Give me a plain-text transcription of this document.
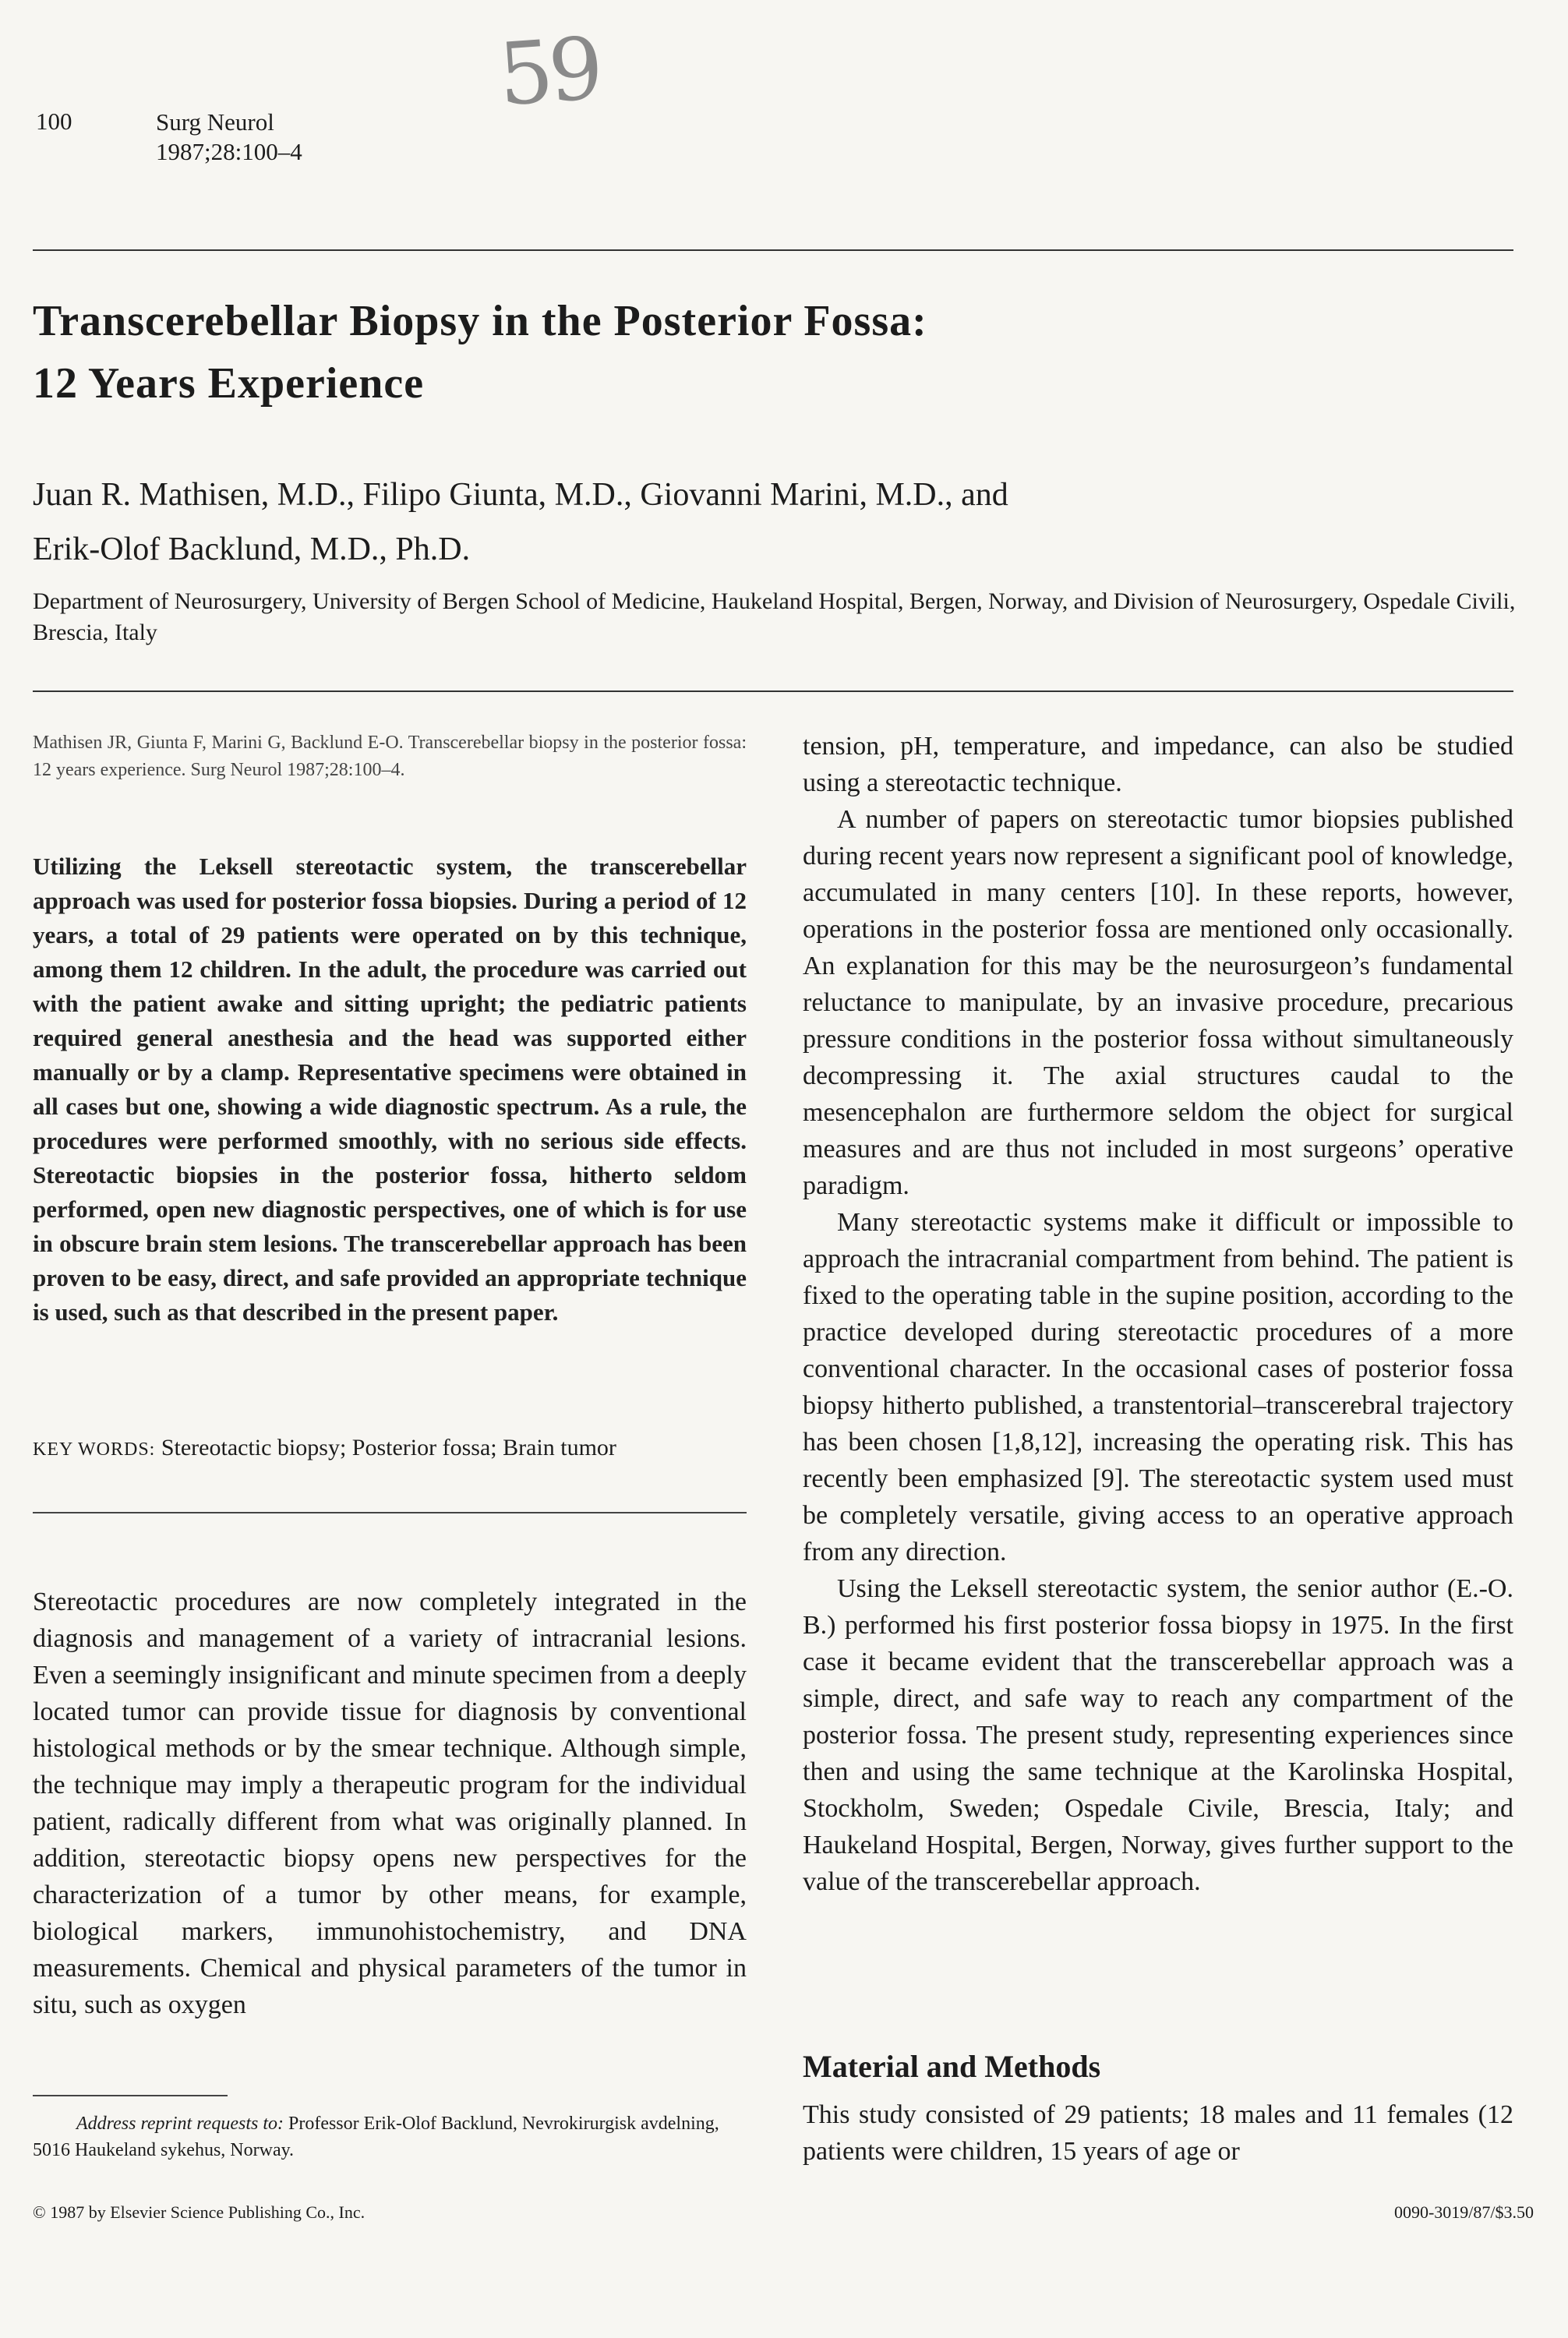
59
100	Surg Neurol
1987;28:100–4
Transcerebellar Biopsy in the Posterior Fossa:
12 Years Experience
Juan R. Mathisen, M.D., Filipo Giunta, M.D., Giovanni Marini, M.D., and
Erik-Olof Backlund, M.D., Ph.D.
Department of Neurosurgery, University of Bergen School of Medicine, Haukeland Hospital, Bergen, Norway, and Division of Neurosurgery, Ospedale Civili, Brescia, Italy
Mathisen JR, Giunta F, Marini G, Backlund E-O. Transcerebellar biopsy in the posterior fossa: 12 years experience. Surg Neurol 1987;28:100–4.
Utilizing the Leksell stereotactic system, the transcerebellar approach was used for posterior fossa biopsies. During a period of 12 years, a total of 29 patients were operated on by this technique, among them 12 children. In the adult, the procedure was carried out with the patient awake and sitting upright; the pediatric patients required general anesthesia and the head was supported either manually or by a clamp. Representative specimens were obtained in all cases but one, showing a wide diagnostic spectrum. As a rule, the procedures were performed smoothly, with no serious side effects. Stereotactic biopsies in the posterior fossa, hitherto seldom performed, open new diagnostic perspectives, one of which is for use in obscure brain stem lesions. The transcerebellar approach has been proven to be easy, direct, and safe provided an appropriate technique is used, such as that described in the present paper.
KEY WORDS: Stereotactic biopsy; Posterior fossa; Brain tumor

Stereotactic procedures are now completely integrated in the diagnosis and management of a variety of intracranial lesions. Even a seemingly insignificant and minute specimen from a deeply located tumor can provide tissue for diagnosis by conventional histological methods or by the smear technique. Although simple, the technique may imply a therapeutic program for the individual patient, radically different from what was originally planned. In addition, stereotactic biopsy opens new perspectives for the characterization of a tumor by other means, for example, biological markers, immunohistochemistry, and DNA measurements. Chemical and physical parameters of the tumor in situ, such as oxygen

Address reprint requests to: Professor Erik-Olof Backlund, Nevrokirurgisk avdelning, 5016 Haukeland sykehus, Norway.
© 1987 by Elsevier Science Publishing Co., Inc.	0090-3019/87/$3.50

tension, pH, temperature, and impedance, can also be studied using a stereotactic technique.

A number of papers on stereotactic tumor biopsies published during recent years now represent a significant pool of knowledge, accumulated in many centers [10]. In these reports, however, operations in the posterior fossa are mentioned only occasionally. An explanation for this may be the neurosurgeon’s fundamental reluctance to manipulate, by an invasive procedure, precarious pressure conditions in the posterior fossa without simultaneously decompressing it. The axial structures caudal to the mesencephalon are furthermore seldom the object for surgical measures and are thus not included in most surgeons’ operative paradigm.

Many stereotactic systems make it difficult or impossible to approach the intracranial compartment from behind. The patient is fixed to the operating table in the supine position, according to the practice developed during stereotactic procedures of a more conventional character. In the occasional cases of posterior fossa biopsy hitherto published, a transtentorial–transcerebral trajectory has been chosen [1,8,12], increasing the operating risk. This has recently been emphasized [9]. The stereotactic system used must be completely versatile, giving access to an operative approach from any direction.

Using the Leksell stereotactic system, the senior author (E.-O. B.) performed his first posterior fossa biopsy in 1975. In the first case it became evident that the transcerebellar approach was a simple, direct, and safe way to reach any compartment of the posterior fossa. The present study, representing experiences since then and using the same technique at the Karolinska Hospital, Stockholm, Sweden; Ospedale Civile, Brescia, Italy; and Haukeland Hospital, Bergen, Norway, gives further support to the value of the transcerebellar approach.

Material and Methods

This study consisted of 29 patients; 18 males and 11 females (12 patients were children, 15 years of age or
